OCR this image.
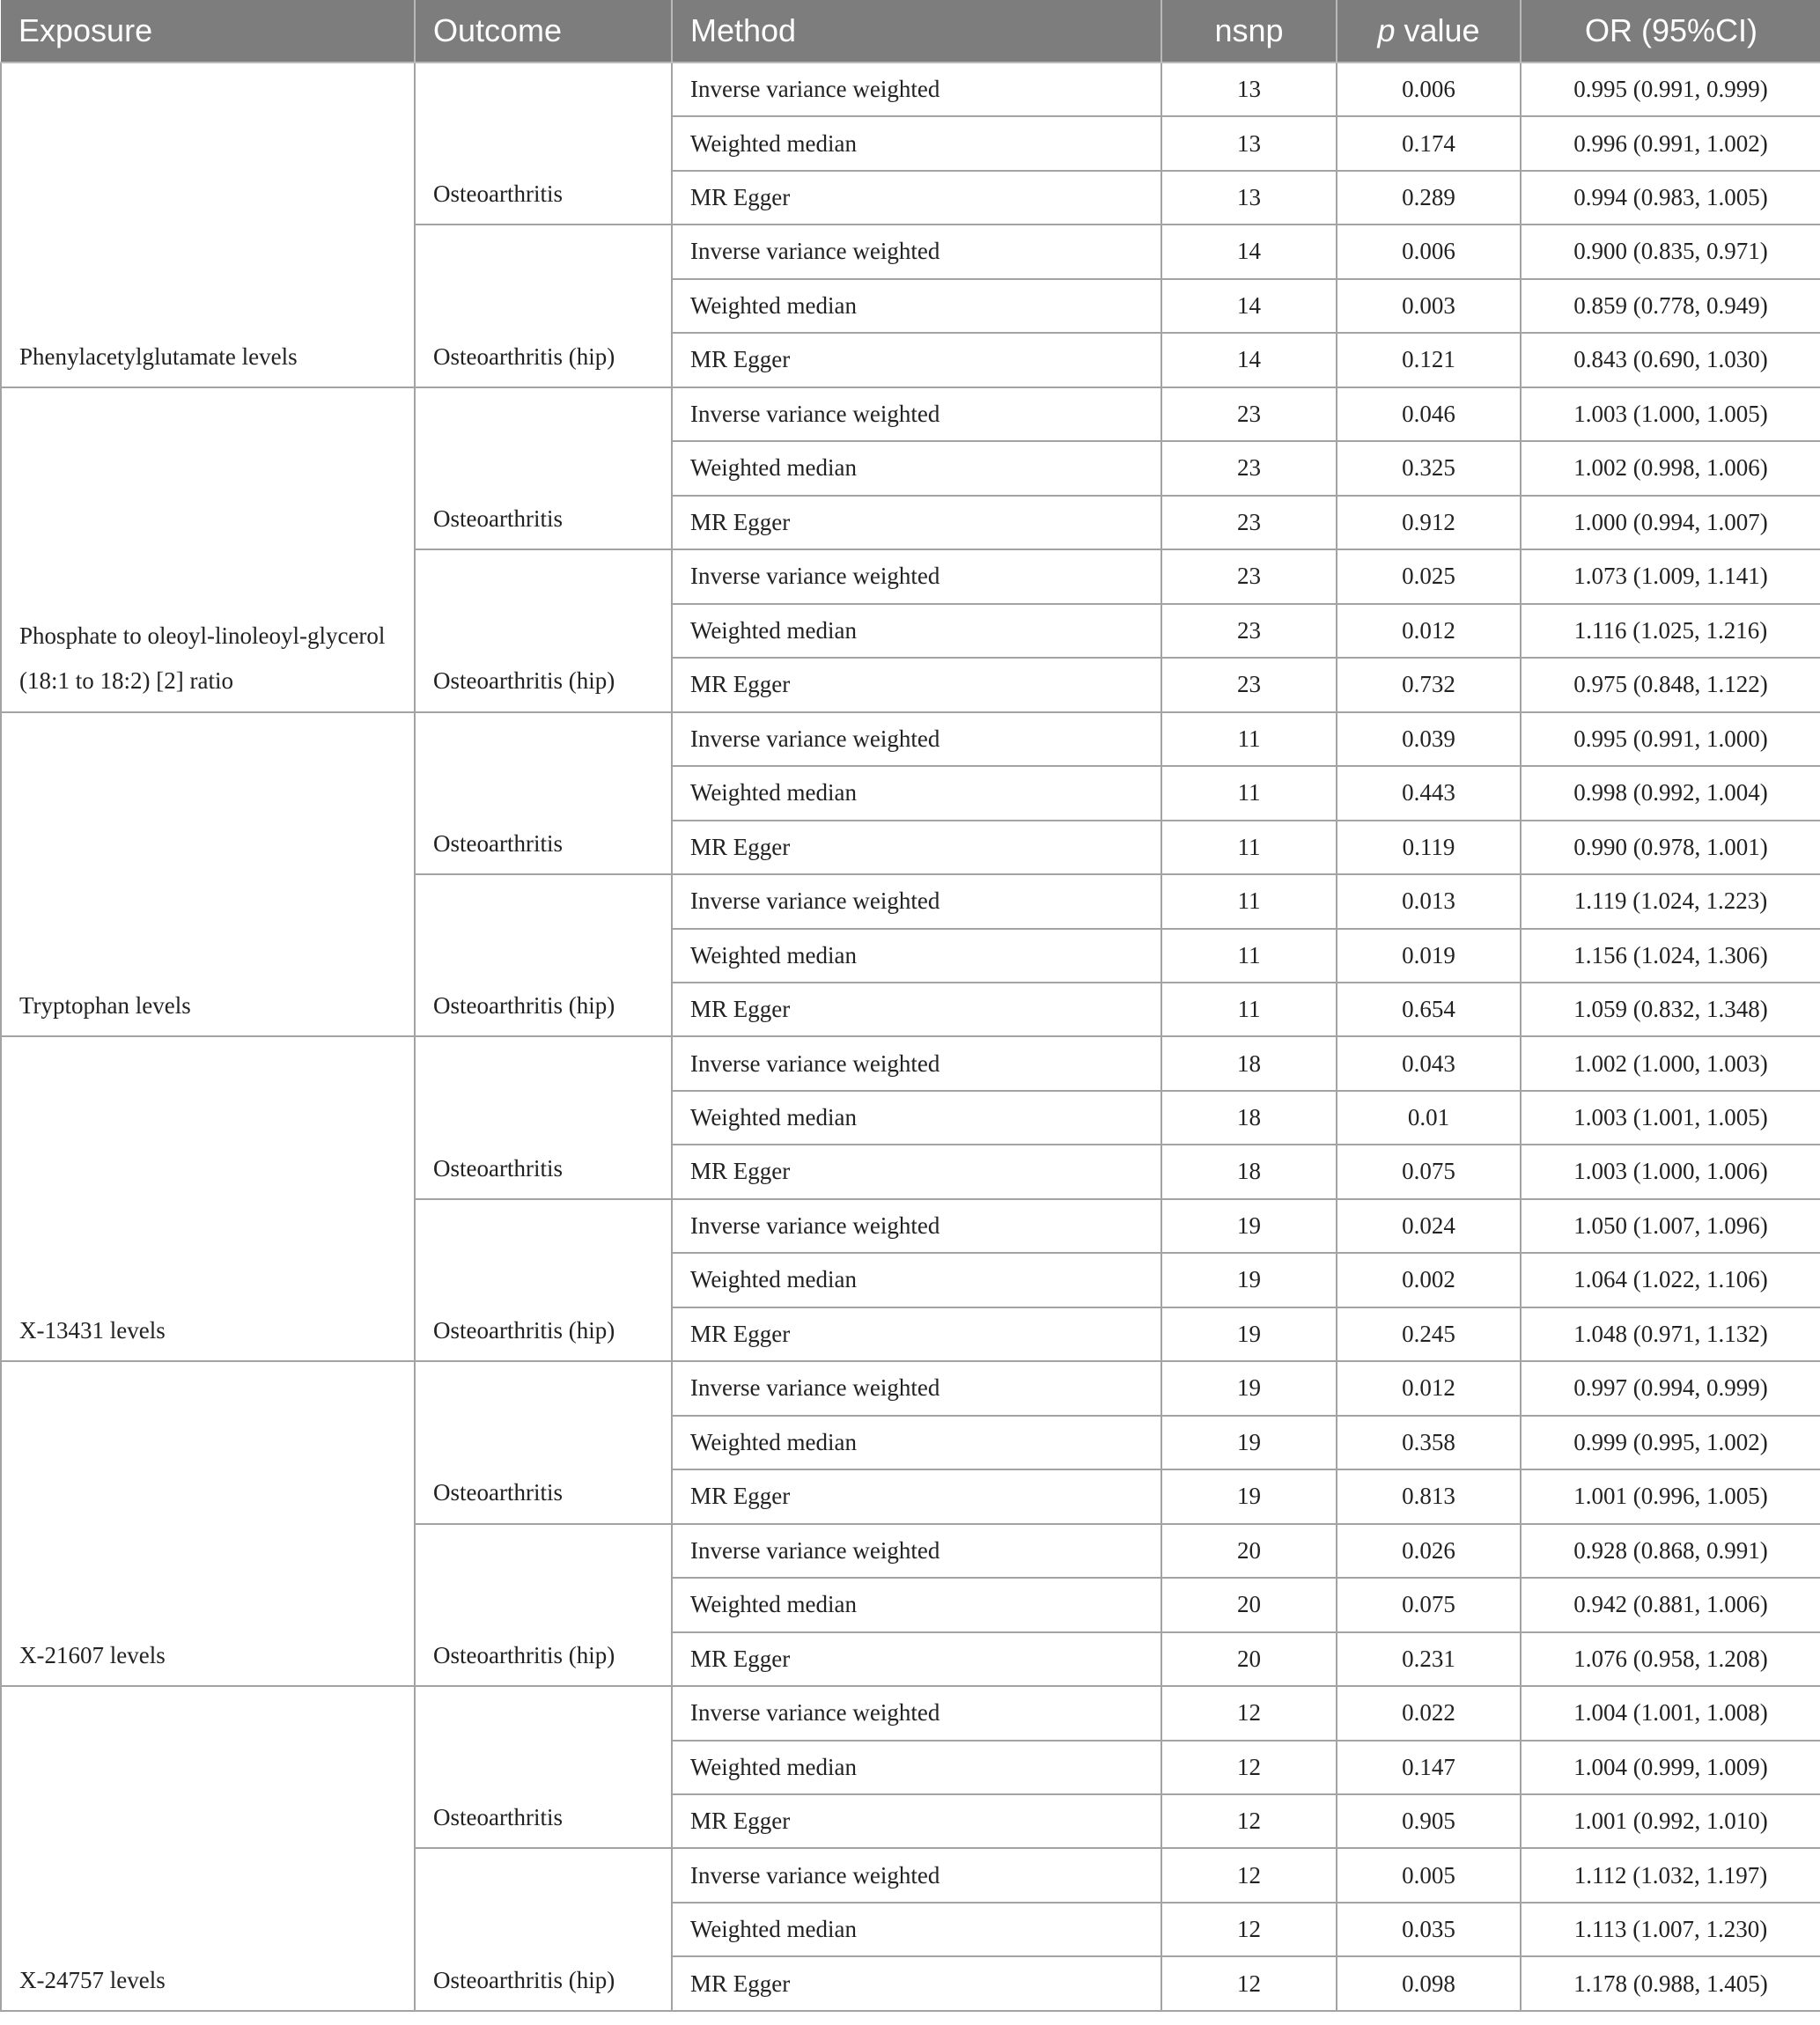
Exposure	Outcome	Method	nsnp	p value	OR (95%CI)
Phenylacetylglutamate levels	Osteoarthritis	Inverse variance weighted	13	0.006	0.995 (0.991, 0.999)
		Weighted median	13	0.174	0.996 (0.991, 1.002)
		MR Egger	13	0.289	0.994 (0.983, 1.005)
	Osteoarthritis (hip)	Inverse variance weighted	14	0.006	0.900 (0.835, 0.971)
		Weighted median	14	0.003	0.859 (0.778, 0.949)
		MR Egger	14	0.121	0.843 (0.690, 1.030)
Phosphate to oleoyl-linoleoyl-glycerol (18:1 to 18:2) [2] ratio	Osteoarthritis	Inverse variance weighted	23	0.046	1.003 (1.000, 1.005)
		Weighted median	23	0.325	1.002 (0.998, 1.006)
		MR Egger	23	0.912	1.000 (0.994, 1.007)
	Osteoarthritis (hip)	Inverse variance weighted	23	0.025	1.073 (1.009, 1.141)
		Weighted median	23	0.012	1.116 (1.025, 1.216)
		MR Egger	23	0.732	0.975 (0.848, 1.122)
Tryptophan levels	Osteoarthritis	Inverse variance weighted	11	0.039	0.995 (0.991, 1.000)
		Weighted median	11	0.443	0.998 (0.992, 1.004)
		MR Egger	11	0.119	0.990 (0.978, 1.001)
	Osteoarthritis (hip)	Inverse variance weighted	11	0.013	1.119 (1.024, 1.223)
		Weighted median	11	0.019	1.156 (1.024, 1.306)
		MR Egger	11	0.654	1.059 (0.832, 1.348)
X-13431 levels	Osteoarthritis	Inverse variance weighted	18	0.043	1.002 (1.000, 1.003)
		Weighted median	18	0.01	1.003 (1.001, 1.005)
		MR Egger	18	0.075	1.003 (1.000, 1.006)
	Osteoarthritis (hip)	Inverse variance weighted	19	0.024	1.050 (1.007, 1.096)
		Weighted median	19	0.002	1.064 (1.022, 1.106)
		MR Egger	19	0.245	1.048 (0.971, 1.132)
X-21607 levels	Osteoarthritis	Inverse variance weighted	19	0.012	0.997 (0.994, 0.999)
		Weighted median	19	0.358	0.999 (0.995, 1.002)
		MR Egger	19	0.813	1.001 (0.996, 1.005)
	Osteoarthritis (hip)	Inverse variance weighted	20	0.026	0.928 (0.868, 0.991)
		Weighted median	20	0.075	0.942 (0.881, 1.006)
		MR Egger	20	0.231	1.076 (0.958, 1.208)
X-24757 levels	Osteoarthritis	Inverse variance weighted	12	0.022	1.004 (1.001, 1.008)
		Weighted median	12	0.147	1.004 (0.999, 1.009)
		MR Egger	12	0.905	1.001 (0.992, 1.010)
	Osteoarthritis (hip)	Inverse variance weighted	12	0.005	1.112 (1.032, 1.197)
		Weighted median	12	0.035	1.113 (1.007, 1.230)
		MR Egger	12	0.098	1.178 (0.988, 1.405)
